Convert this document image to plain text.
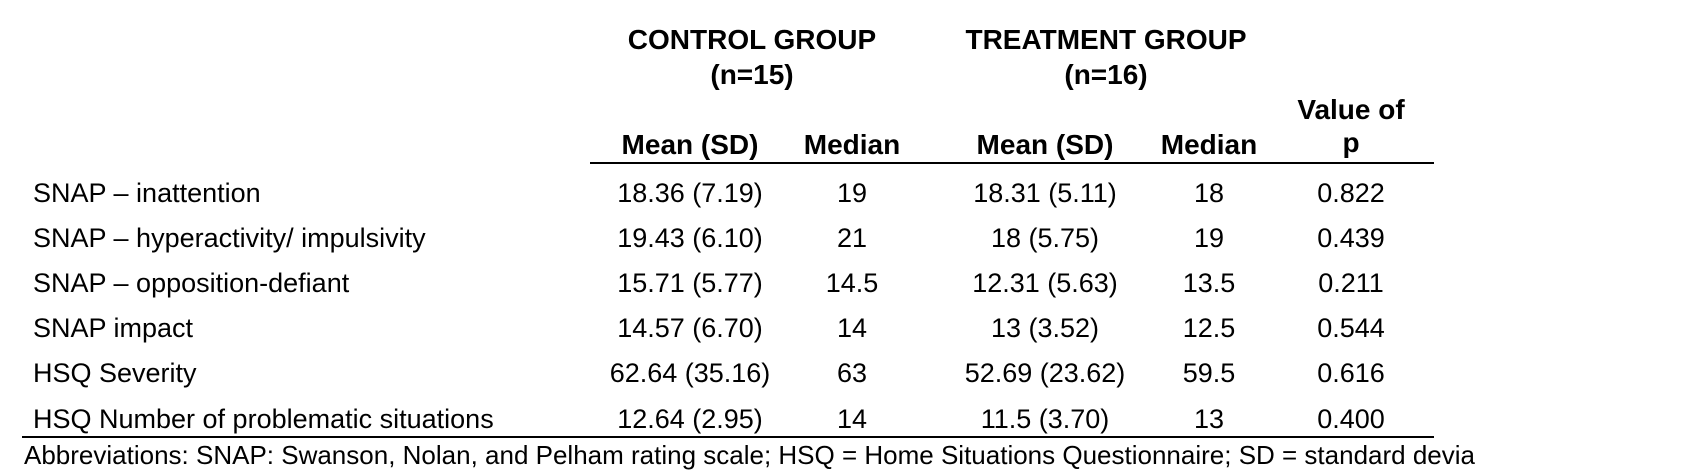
CONTROL GROUP
(n=15)
TREATMENT GROUP
(n=16)
Value of
p
Mean (SD) Median	Mean (SD) Median
SNAP – inattention	18.36 (7.19)	19	18.31 (5.11)	18	0.822
SNAP – hyperactivity/ impulsivity	19.43 (6.10)	21	18 (5.75)	19	0.439
SNAP – opposition-defiant	15.71 (5.77) 14.5	12.31 (5.63) 13.5	0.211
SNAP impact	14.57 (6.70)	14	13 (3.52)	12.5	0.544
HSQ Severity	62.64 (35.16) 63	52.69 (23.62) 59.5	0.616
HSQ Number of problematic situations	12.64 (2.95)	14	11.5 (3.70)	13	0.400
Abbreviations: SNAP: Swanson, Nolan, and Pelham rating scale; HSQ = Home Situations Questionnaire; SD = standard devia
